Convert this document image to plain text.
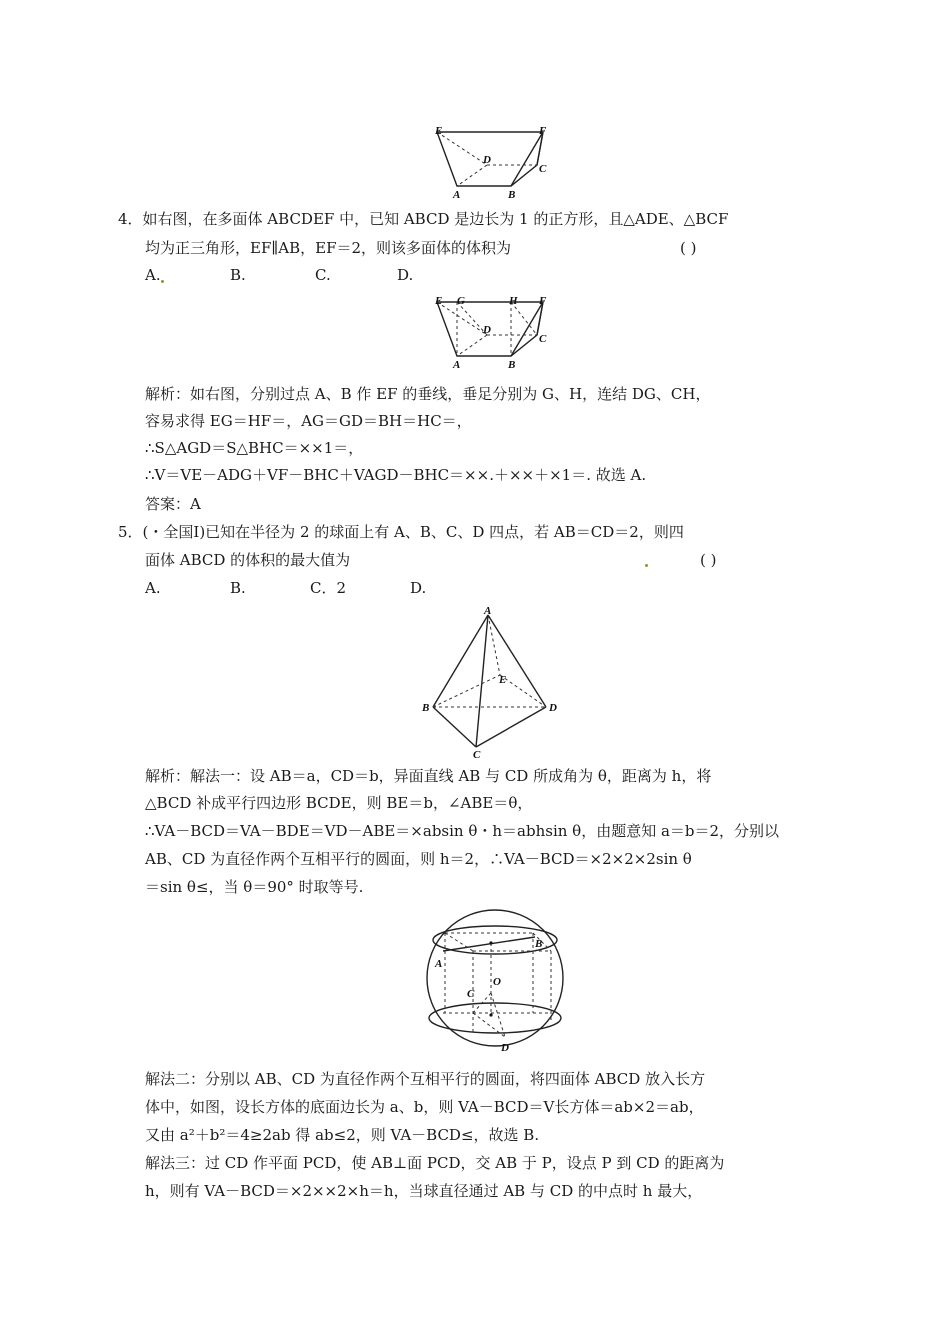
E	F
D
C
A	B
4．如右图，在多面体 ABCDEF 中，已知 ABCD 是边长为 1 的正方形，且△ADE、△BCF
均为正三角形，EF∥AB，EF＝2，则该多面体的体积为	( )
A.	B.	C.	D.
E G	H F
D
C
A	B
解析：如右图，分别过点 A、B 作 EF 的垂线，垂足分别为 G、H，连结 DG、CH，
容易求得 EG＝HF＝，AG＝GD＝BH＝HC＝，
∴S△AGD＝S△BHC＝××1＝，
∴V＝VE－ADG＋VF－BHC＋VAGD－BHC＝××.＋××＋×1＝. 故选 A.
答案：A
5．(・全国Ⅰ)已知在半径为 2 的球面上有 A、B、C、D 四点，若 AB＝CD＝2，则四
面体 ABCD 的体积的最大值为	( )
A.	B.	C．2	D.
A
E
B	D
C
解析：解法一：设 AB＝a，CD＝b，异面直线 AB 与 CD 所成角为 θ，距离为 h，将
△BCD 补成平行四边形 BCDE，则 BE＝b，∠ABE＝θ，
∴VA－BCD＝VA－BDE＝VD－ABE＝×absin θ・h＝abhsin θ，由题意知 a＝b＝2，分别以
AB、CD 为直径作两个互相平行的圆面，则 h＝2，∴VA－BCD＝×2×2×2sin θ
＝sin θ≤，当 θ＝90° 时取等号.
B
A
O
C
D
解法二：分别以 AB、CD 为直径作两个互相平行的圆面，将四面体 ABCD 放入长方
体中，如图，设长方体的底面边长为 a、b，则 VA－BCD＝V长方体＝ab×2＝ab，
又由 a²＋b²＝4≥2ab 得 ab≤2，则 VA－BCD≤，故选 B.
解法三：过 CD 作平面 PCD，使 AB⊥面 PCD，交 AB 于 P，设点 P 到 CD 的距离为
h，则有 VA－BCD＝×2××2×h＝h，当球直径通过 AB 与 CD 的中点时 h 最大，
